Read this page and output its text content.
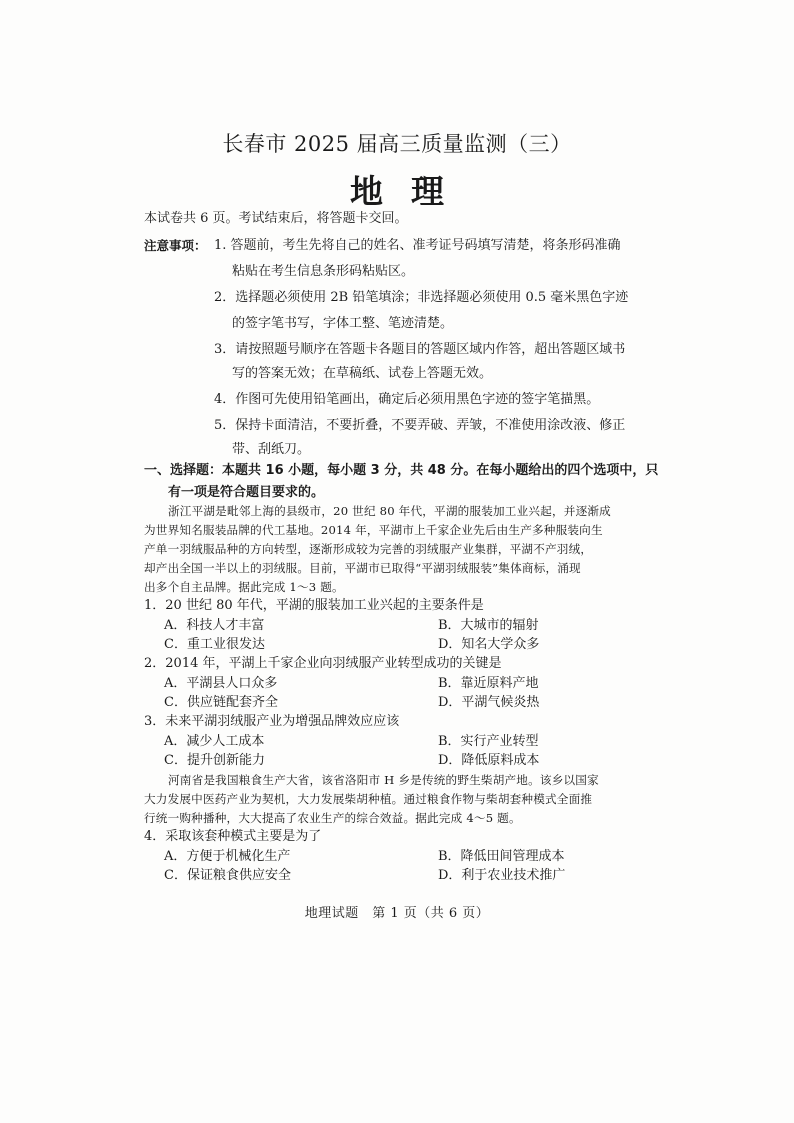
长春市 2025 届高三质量监测（三）
地理
本试卷共 6 页。考试结束后，将答题卡交回。
注意事项： 1. 答题前，考生先将自己的姓名、准考证号码填写清楚，将条形码准确
粘贴在考生信息条形码粘贴区。
2．选择题必须使用 2B 铅笔填涂；非选择题必须使用 0.5 毫米黑色字迹
的签字笔书写，字体工整、笔迹清楚。
3．请按照题号顺序在答题卡各题目的答题区域内作答，超出答题区域书
写的答案无效；在草稿纸、试卷上答题无效。
4．作图可先使用铅笔画出，确定后必须用黑色字迹的签字笔描黑。
5．保持卡面清洁，不要折叠，不要弄破、弄皱，不准使用涂改液、修正
带、刮纸刀。
一、选择题：本题共 16 小题，每小题 3 分，共 48 分。在每小题给出的四个选项中，只
有一项是符合题目要求的。
浙江平湖是毗邻上海的县级市，20 世纪 80 年代，平湖的服装加工业兴起，并逐渐成
为世界知名服装品牌的代工基地。2014 年，平湖市上千家企业先后由生产多种服装向生
产单一羽绒服品种的方向转型，逐渐形成较为完善的羽绒服产业集群，平湖不产羽绒，
却产出全国一半以上的羽绒服。目前，平湖市已取得“平湖羽绒服装”集体商标，涌现
出多个自主品牌。据此完成 1～3 题。
1．20 世纪 80 年代，平湖的服装加工业兴起的主要条件是
A．科技人才丰富	B．大城市的辐射
C．重工业很发达	D．知名大学众多
2．2014 年，平湖上千家企业向羽绒服产业转型成功的关键是
A．平湖县人口众多	B．靠近原料产地
C．供应链配套齐全	D．平湖气候炎热
3．未来平湖羽绒服产业为增强品牌效应应该
A．减少人工成本	B．实行产业转型
C．提升创新能力	D．降低原料成本
河南省是我国粮食生产大省，该省洛阳市 H 乡是传统的野生柴胡产地。该乡以国家
大力发展中医药产业为契机，大力发展柴胡种植。通过粮食作物与柴胡套种模式全面推
行统一购种播种，大大提高了农业生产的综合效益。据此完成 4～5 题。
4．采取该套种模式主要是为了
A．方便于机械化生产	B．降低田间管理成本
C．保证粮食供应安全	D．利于农业技术推广
地理试题　第 1 页（共 6 页）
